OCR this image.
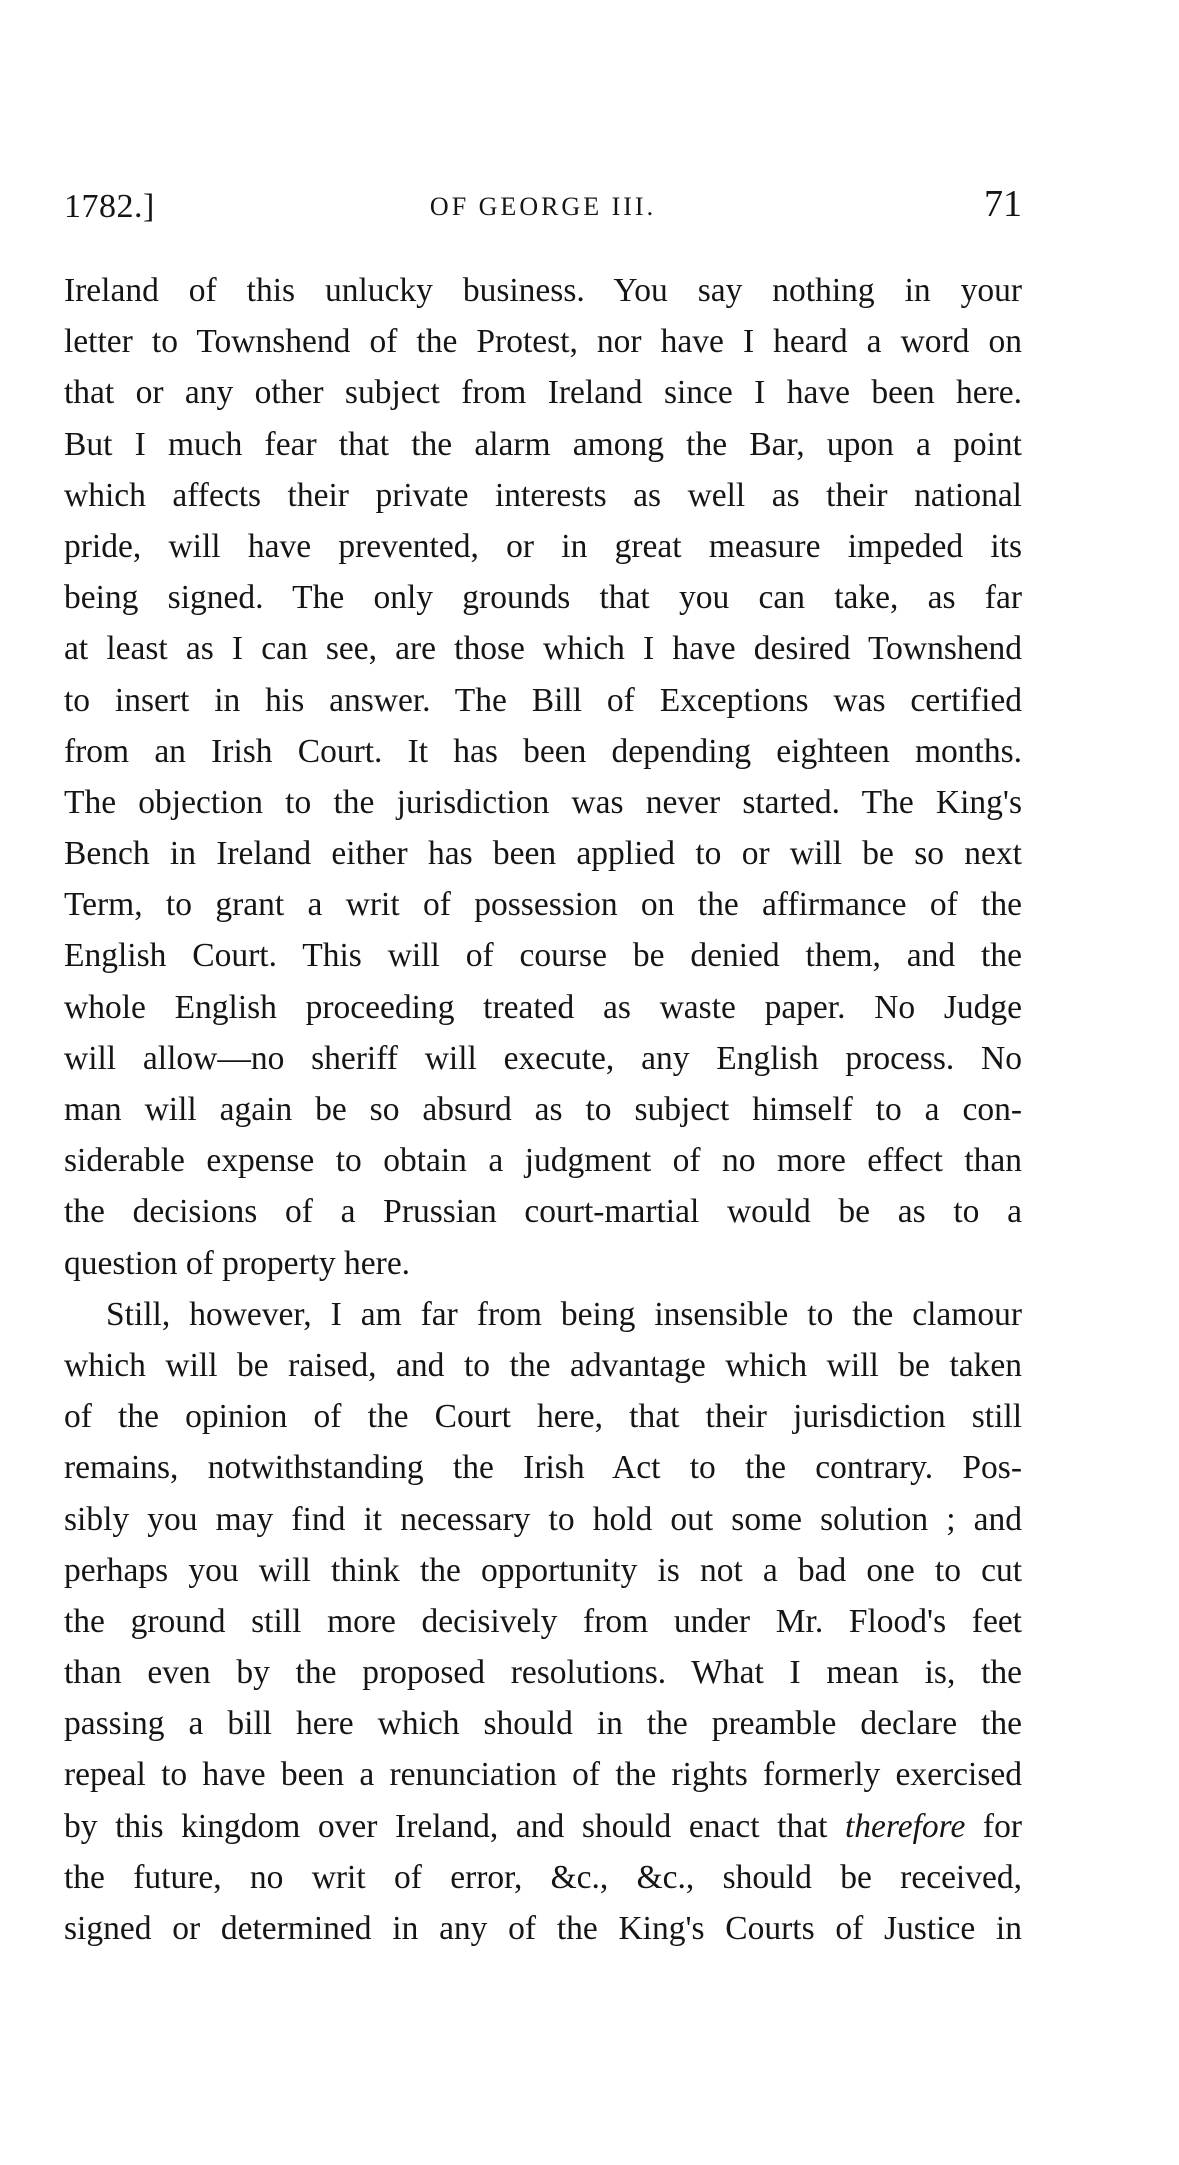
1782.]	OF GEORGE III.	71
Ireland of this unlucky business. You say nothing in your
letter to Townshend of the Protest, nor have I heard a word on
that or any other subject from Ireland since I have been here.
But I much fear that the alarm among the Bar, upon a point
which affects their private interests as well as their national
pride, will have prevented, or in great measure impeded its
being signed. The only grounds that you can take, as far
at least as I can see, are those which I have desired Townshend
to insert in his answer. The Bill of Exceptions was certified
from an Irish Court. It has been depending eighteen months.
The objection to the jurisdiction was never started. The King's
Bench in Ireland either has been applied to or will be so next
Term, to grant a writ of possession on the affirmance of the
English Court. This will of course be denied them, and the
whole English proceeding treated as waste paper. No Judge
will allow—no sheriff will execute, any English process. No
man will again be so absurd as to subject himself to a con-
siderable expense to obtain a judgment of no more effect than
the decisions of a Prussian court-martial would be as to a
question of property here.
Still, however, I am far from being insensible to the clamour
which will be raised, and to the advantage which will be taken
of the opinion of the Court here, that their jurisdiction still
remains, notwithstanding the Irish Act to the contrary. Pos-
sibly you may find it necessary to hold out some solution ; and
perhaps you will think the opportunity is not a bad one to cut
the ground still more decisively from under Mr. Flood's feet
than even by the proposed resolutions. What I mean is, the
passing a bill here which should in the preamble declare the
repeal to have been a renunciation of the rights formerly exercised
by this kingdom over Ireland, and should enact that therefore for
the future, no writ of error, &c., &c., should be received,
signed or determined in any of the King's Courts of Justice in
